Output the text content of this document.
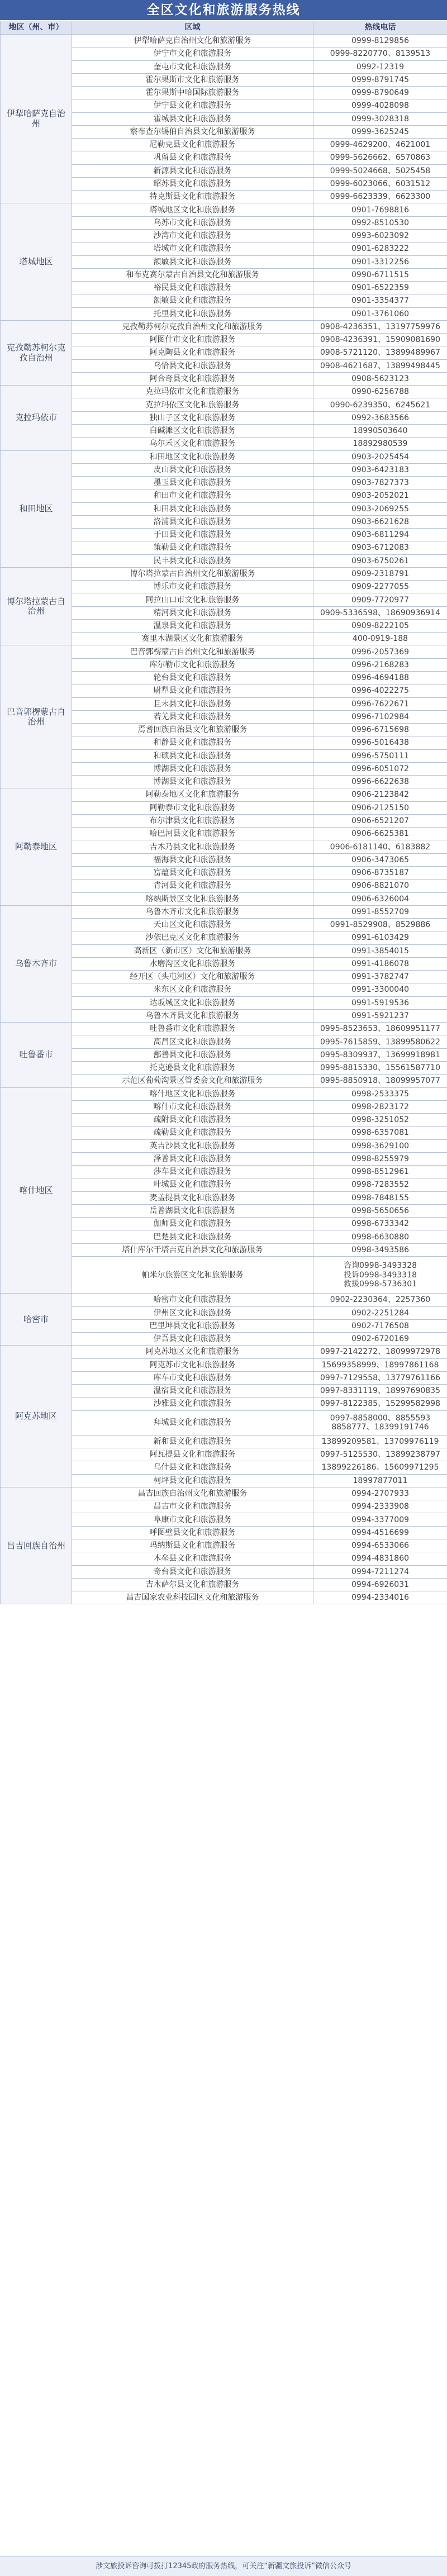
全区文化和旅游服务热线
地区（州、市）	区域	热线电话
伊犁哈萨克自治州	伊犁哈萨克自治州文化和旅游服务	0999-8129856

	伊宁市文化和旅游服务	0999-8220770、8139513

	奎屯市文化和旅游服务	0992-12319

	霍尔果斯市文化和旅游服务	0999-8791745

	霍尔果斯中哈国际旅游服务	0999-8790649

	伊宁县文化和旅游服务	0999-4028098

	霍城县文化和旅游服务	0999-3028318

	察布查尔锡伯自治县文化和旅游服务	0999-3625245

	尼勒克县文化和旅游服务	0999-4629200、4621001

	巩留县文化和旅游服务	0999-5626662、6570863

	新源县文化和旅游服务	0999-5024668、5025458

	昭苏县文化和旅游服务	0999-6023066、6031512

	特克斯县文化和旅游服务	0999-6623339、6623300

塔城地区	塔城地区文化和旅游服务	0901-7698816

	乌苏市文化和旅游服务	0992-8510530

	沙湾市文化和旅游服务	0993-6023092

	塔城市文化和旅游服务	0901-6283222

	额敏县文化和旅游服务	0901-3312256

	和布克赛尔蒙古自治县文化和旅游服务	0990-6711515

	裕民县文化和旅游服务	0901-6522359

	额敏县文化和旅游服务	0901-3354377

	托里县文化和旅游服务	0901-3761060

克孜勒苏柯尔克孜自治州	克孜勒苏柯尔克孜自治州文化和旅游服务	0908-4236351、13197759976

	阿图什市文化和旅游服务	0908-4236391、15909081690

	阿克陶县文化和旅游服务	0908-5721120、13899489967

	乌恰县文化和旅游服务	0908-4621687、13899498445

	阿合奇县文化和旅游服务	0908-5623123

克拉玛依市	克拉玛依市文化和旅游服务	0990-6256788

	克拉玛依区文化和旅游服务	0990-6239350、6245621

	独山子区文化和旅游服务	0992-3683566

	白碱滩区文化和旅游服务	18990503640

	乌尔禾区文化和旅游服务	18892980539

和田地区	和田地区文化和旅游服务	0903-2025454

	皮山县文化和旅游服务	0903-6423183

	墨玉县文化和旅游服务	0903-7827373

	和田市文化和旅游服务	0903-2052021

	和田县文化和旅游服务	0903-2069255

	洛浦县文化和旅游服务	0903-6621628

	于田县文化和旅游服务	0903-6811294

	策勒县文化和旅游服务	0903-6712083

	民丰县文化和旅游服务	0903-6750261

博尔塔拉蒙古自治州	博尔塔拉蒙古自治州文化和旅游服务	0909-2318791

	博乐市文化和旅游服务	0909-2277055

	阿拉山口市文化和旅游服务	0909-7720977

	精河县文化和旅游服务	0909-5336598、18690936914

	温泉县文化和旅游服务	0909-8222105

	赛里木湖景区文化和旅游服务	400-0919-188

巴音郭楞蒙古自治州	巴音郭楞蒙古自治州文化和旅游服务	0996-2057369

	库尔勒市文化和旅游服务	0996-2168283

	轮台县文化和旅游服务	0996-4694188

	尉犁县文化和旅游服务	0996-4022275

	且末县文化和旅游服务	0996-7622671

	若羌县文化和旅游服务	0996-7102984

	焉耆回族自治县文化和旅游服务	0996-6715698

	和静县文化和旅游服务	0996-5016438

	和硕县文化和旅游服务	0996-5750111

	博湖县文化和旅游服务	0996-6051072

	博湖县文化和旅游服务	0996-6622638

阿勒泰地区	阿勒泰地区文化和旅游服务	0906-2123842

	阿勒泰市文化和旅游服务	0906-2125150

	布尔津县文化和旅游服务	0906-6521207

	哈巴河县文化和旅游服务	0906-6625381

	吉木乃县文化和旅游服务	0906-6181140、6183882

	福海县文化和旅游服务	0906-3473065

	富蕴县文化和旅游服务	0906-8735187

	青河县文化和旅游服务	0906-8821070

	喀纳斯景区文化和旅游服务	0906-6326004

乌鲁木齐市	乌鲁木齐市文化和旅游服务	0991-8552709

	天山区文化和旅游服务	0991-8529908、8529886

	沙依巴克区文化和旅游服务	0991-6103429

	高新区（新市区）文化和旅游服务	0991-3854015

	水磨沟区文化和旅游服务	0991-4186078

	经开区（头屯河区）文化和旅游服务	0991-3782747

	米东区文化和旅游服务	0991-3300040

	达坂城区文化和旅游服务	0991-5919536

	乌鲁木齐县文化和旅游服务	0991-5921237

吐鲁番市	吐鲁番市文化和旅游服务	0995-8523653、18609951177

	高昌区文化和旅游服务	0995-7615859、13899580622

	鄯善县文化和旅游服务	0995-8309937、13699918981

	托克逊县文化和旅游服务	0995-8815330、15561587710

	示范区葡萄沟景区管委会文化和旅游服务	0995-8850918、18099957077

喀什地区	喀什地区文化和旅游服务	0998-2533375

	喀什市文化和旅游服务	0998-2823172

	疏附县文化和旅游服务	0998-3251052

	疏勒县文化和旅游服务	0998-6357081

	英吉沙县文化和旅游服务	0998-3629100

	泽普县文化和旅游服务	0998-8255979

	莎车县文化和旅游服务	0998-8512961

	叶城县文化和旅游服务	0998-7283552

	麦盖提县文化和旅游服务	0998-7848155

	岳普湖县文化和旅游服务	0998-5650656

	伽师县文化和旅游服务	0998-6733342

	巴楚县文化和旅游服务	0998-6630880

	塔什库尔干塔吉克自治县文化和旅游服务	0998-3493586

	帕米尔旅游区文化和旅游服务	咨询0998-3493328
投诉0998-3493318
救援0998-5736301

哈密市	哈密市文化和旅游服务	0902-2230364、2257360

	伊州区文化和旅游服务	0902-2251284

	巴里坤县文化和旅游服务	0902-7176508

	伊吾县文化和旅游服务	0902-6720169

阿克苏地区	阿克苏地区文化和旅游服务	0997-2142272、18099972978

	阿克苏市文化和旅游服务	15699358999、18997861168

	库车市文化和旅游服务	0997-7129558、13779761166

	温宿县文化和旅游服务	0997-8331119、18997690835

	沙雅县文化和旅游服务	0997-8122385、15299582998

	拜城县文化和旅游服务	0997-8858000、8855593
8858777、18399191746

	新和县文化和旅游服务	13899209581、13709976119

	阿瓦提县文化和旅游服务	0997-5125530、13899238797

	乌什县文化和旅游服务	13899226186、15609971295

	柯坪县文化和旅游服务	18997877011

昌吉回族自治州	昌吉回族自治州文化和旅游服务	0994-2707933

	昌吉市文化和旅游服务	0994-2333908

	阜康市文化和旅游服务	0994-3377009

	呼图壁县文化和旅游服务	0994-4516699

	玛纳斯县文化和旅游服务	0994-6533066

	木垒县文化和旅游服务	0994-4831860

	奇台县文化和旅游服务	0994-7211274

	吉木萨尔县文化和旅游服务	0994-6926031

	昌吉国家农业科技园区文化和旅游服务	0994-2334016
涉文旅投诉咨询可拨打12345政府服务热线，可关注“新疆文旅投诉”微信公众号
